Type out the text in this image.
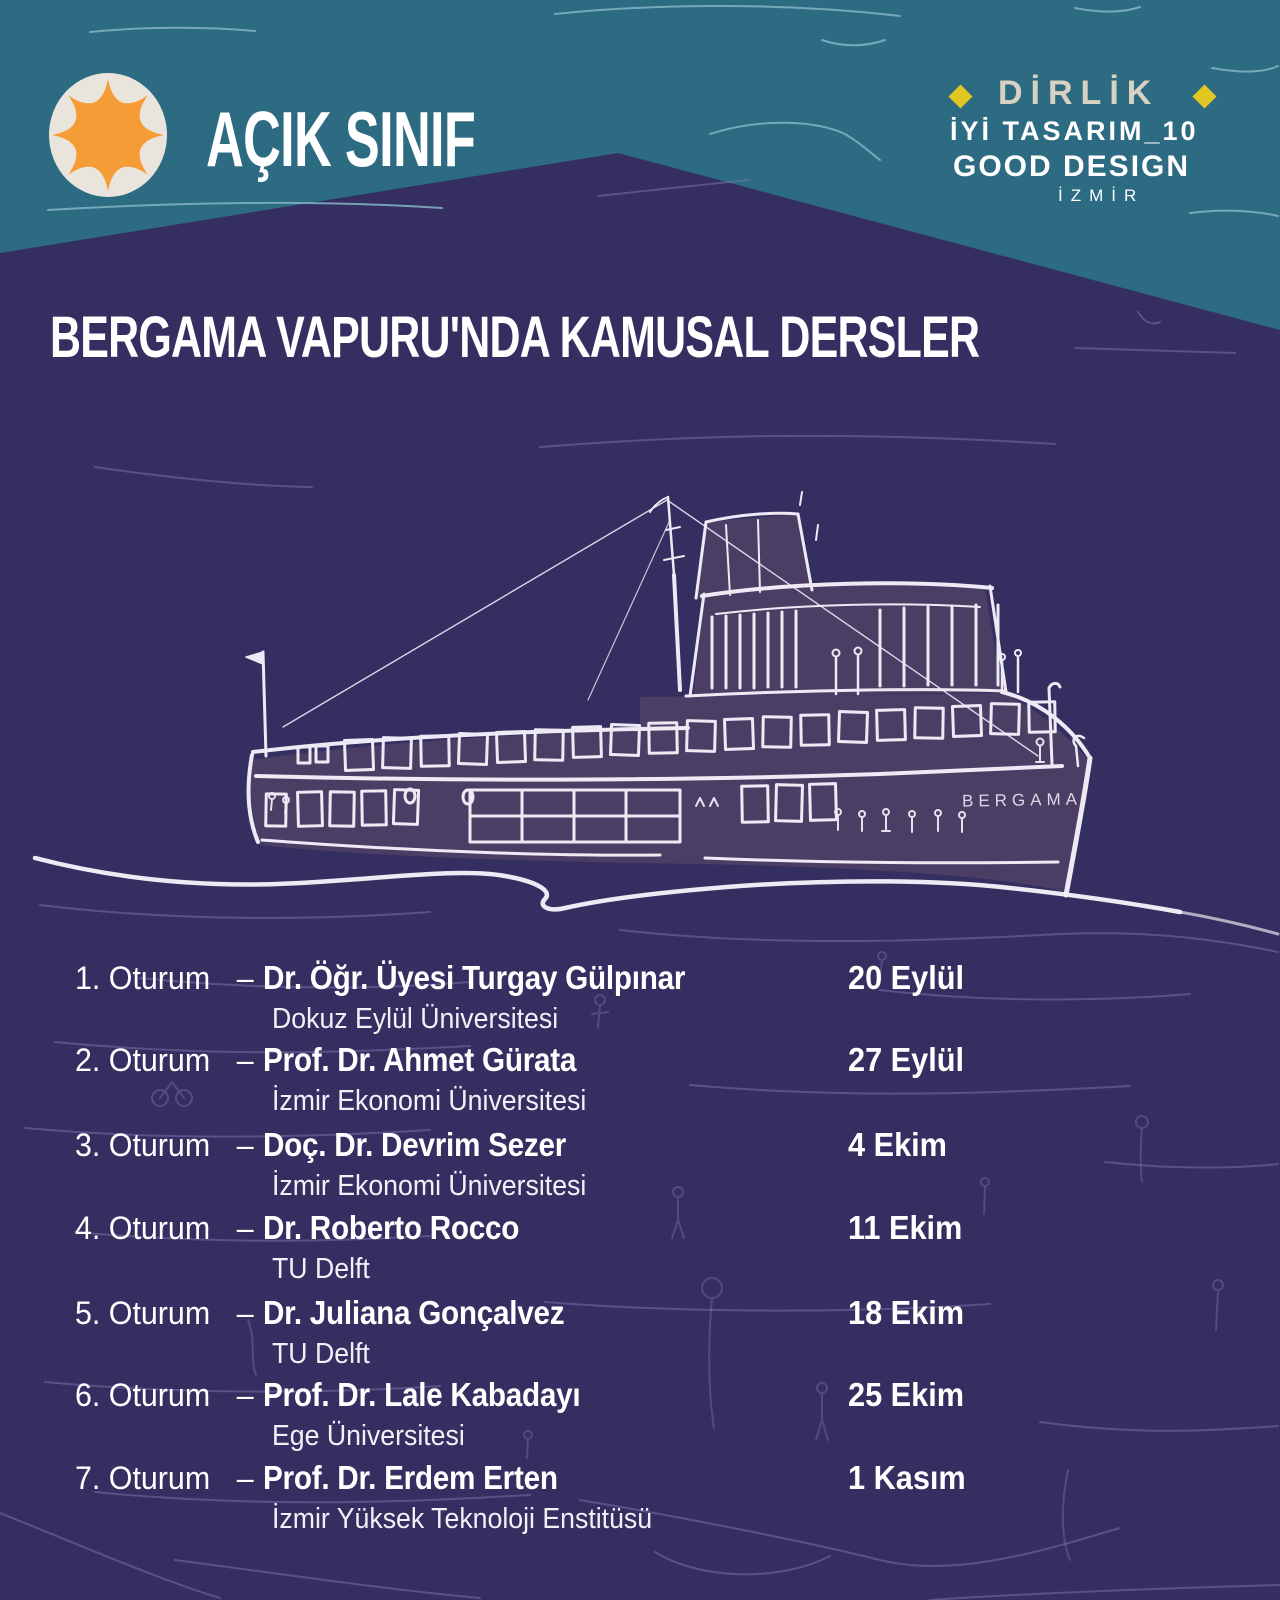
BERGAMA
AÇIK SINIF
DİRLİK
İYİ TASARIM_10
GOOD DESIGN
İZMİR
BERGAMA VAPURU'NDA KAMUSAL DERSLER
1. Oturum – Dr. Öğr. Üyesi Turgay Gülpınar	20 Eylül
Dokuz Eylül Üniversitesi
2. Oturum – Prof. Dr. Ahmet Gürata	27 Eylül
İzmir Ekonomi Üniversitesi
3. Oturum – Doç. Dr. Devrim Sezer	4 Ekim
İzmir Ekonomi Üniversitesi
4. Oturum – Dr. Roberto Rocco	11 Ekim
TU Delft
5. Oturum – Dr. Juliana Gonçalvez	18 Ekim
TU Delft
6. Oturum – Prof. Dr. Lale Kabadayı	25 Ekim
Ege Üniversitesi
7. Oturum – Prof. Dr. Erdem Erten	1 Kasım
İzmir Yüksek Teknoloji Enstitüsü
